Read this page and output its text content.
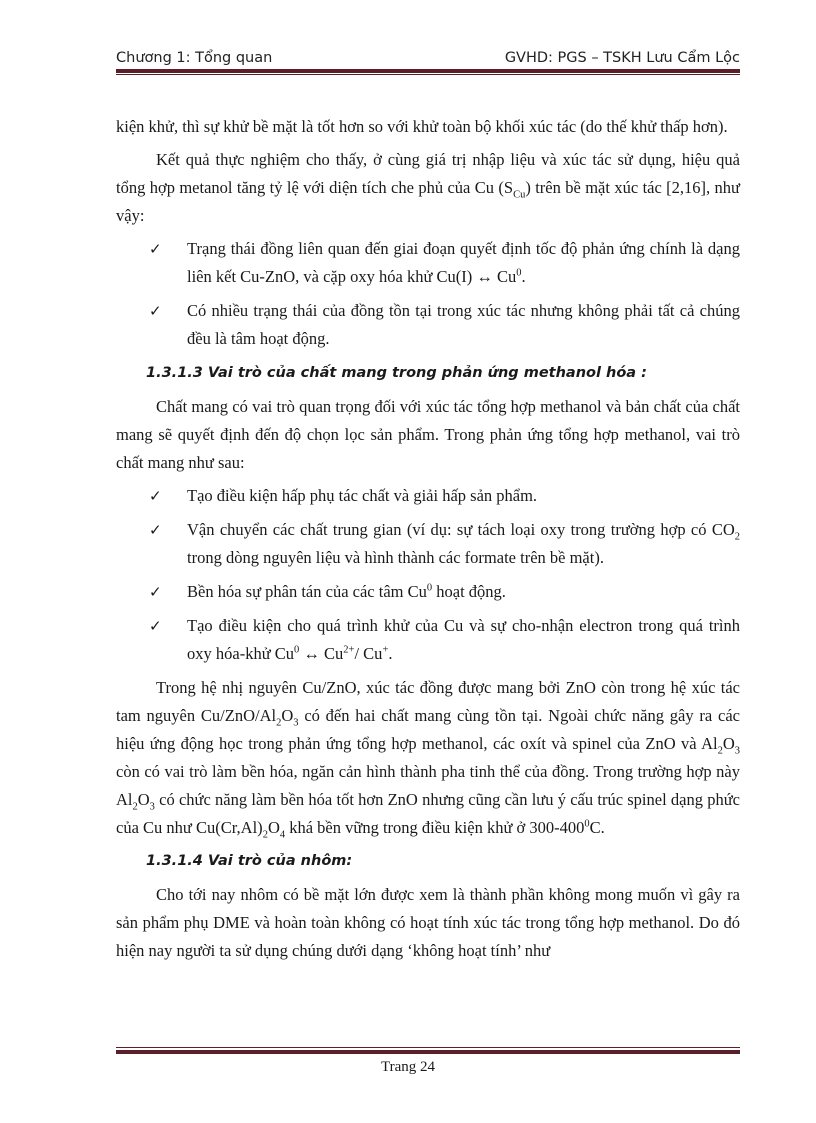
Chương 1: Tổng quan	GVHD: PGS – TSKH Lưu Cẩm Lộc

kiện khử, thì sự khử bề mặt là tốt hơn so với khử toàn bộ khối xúc tác (do thế khử thấp hơn).

Kết quả thực nghiệm cho thấy, ở cùng giá trị nhập liệu và xúc tác sử dụng, hiệu quả tổng hợp metanol tăng tỷ lệ với diện tích che phủ của Cu $(S_{Cu})$ trên bề mặt xúc tác [2,16], như vậy:

✓ Trạng thái đồng liên quan đến giai đoạn quyết định tốc độ phản ứng chính là dạng liên kết Cu-ZnO, và cặp oxy hóa khử Cu(I) ↔ Cu$^0$.

✓ Có nhiều trạng thái của đồng tồn tại trong xúc tác nhưng không phải tất cả chúng đều là tâm hoạt động.

1.3.1.3 Vai trò của chất mang trong phản ứng methanol hóa :

Chất mang có vai trò quan trọng đối với xúc tác tổng hợp methanol và bản chất của chất mang sẽ quyết định đến độ chọn lọc sản phẩm. Trong phản ứng tổng hợp methanol, vai trò chất mang như sau:

✓ Tạo điều kiện hấp phụ tác chất và giải hấp sản phẩm.

✓ Vận chuyển các chất trung gian (ví dụ: sự tách loại oxy trong trường hợp có $CO_2$ trong dòng nguyên liệu và hình thành các formate trên bề mặt).

✓ Bền hóa sự phân tán của các tâm Cu$^0$ hoạt động.

✓ Tạo điều kiện cho quá trình khử của Cu và sự cho-nhận electron trong quá trình oxy hóa-khử Cu$^0$ ↔ $Cu^{2+}/$ Cu+.

Trong hệ nhị nguyên Cu/ZnO, xúc tác đồng được mang bởi ZnO còn trong hệ xúc tác tam nguyên $Cu/ZnO/Al_2O_3$ có đến hai chất mang cùng tồn tại. Ngoài chức năng gây ra các hiệu ứng động học trong phản ứng tổng hợp methanol, các oxít và spinel của ZnO và $Al_2O_3$ còn có vai trò làm bền hóa, ngăn cản hình thành pha tinh thể của đồng. Trong trường hợp này $Al_2O_3$ có chức năng làm bền hóa tốt hơn ZnO nhưng cũng cần lưu ý cấu trúc spinel dạng phức của Cu như $Cu(Cr,Al)_2O_4$ khá bền vững trong điều kiện khử ở $300-400^0C$.

1.3.1.4 Vai trò của nhôm:

Cho tới nay nhôm có bề mặt lớn được xem là thành phần không mong muốn vì gây ra sản phẩm phụ DME và hoàn toàn không có hoạt tính xúc tác trong tổng hợp methanol. Do đó hiện nay người ta sử dụng chúng dưới dạng ‘không hoạt tính’ như

Trang 24
